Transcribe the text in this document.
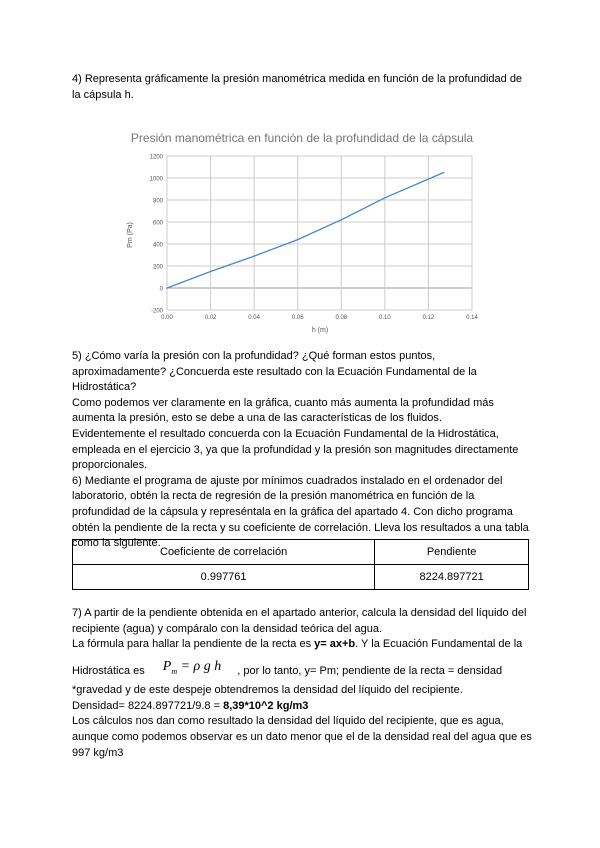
4) Representa gráficamente la presión manométrica medida en función de la profundidad de la cápsula h.
Presión manométrica en función de la profundidad de la cápsula
-200
0
200
400
600
800
1000
1200
0.00	0.02	0.04	0.06	0.08	0.10	0.12	0.14
Pm (Pa)
h (m)
5) ¿Cómo varía la presión con la profundidad? ¿Qué forman estos puntos, aproximadamente? ¿Concuerda este resultado con la Ecuación Fundamental de la Hidrostática?
Como podemos ver claramente en la gráfica, cuanto más aumenta la profundidad más aumenta la presión, esto se debe a una de las características de los fluidos.
Evidentemente el resultado concuerda con la Ecuación Fundamental de la Hidrostática, empleada en el ejercicio 3, ya que la profundidad y la presión son magnitudes directamente proporcionales.
6) Mediante el programa de ajuste por mínimos cuadrados instalado en el ordenador del laboratorio, obtén la recta de regresión de la presión manométrica en función de la profundidad de la cápsula y represéntala en la gráfica del apartado 4. Con dicho programa obtén la pendiente de la recta y su coeficiente de correlación. Lleva los resultados a una tabla como la siguiente.
Coeficiente de correlación	Pendiente
0.997761	8224.897721
7) A partir de la pendiente obtenida en el apartado anterior, calcula la densidad del líquido del recipiente (agua) y compáralo con la densidad teórica del agua.
La fórmula para hallar la pendiente de la recta es y= ax+b. Y la Ecuación Fundamental de la
Hidrostática es $P_m = \rho$ g h , por lo tanto, y= Pm; pendiente de la recta = densidad
*gravedad y de este despeje obtendremos la densidad del líquido del recipiente.
Densidad= 8224.897721/9.8 = 8,39*10^2 kg/m3
Los cálculos nos dan como resultado la densidad del líquido del recipiente, que es agua, aunque como podemos observar es un dato menor que el de la densidad real del agua que es 997 kg/m3
